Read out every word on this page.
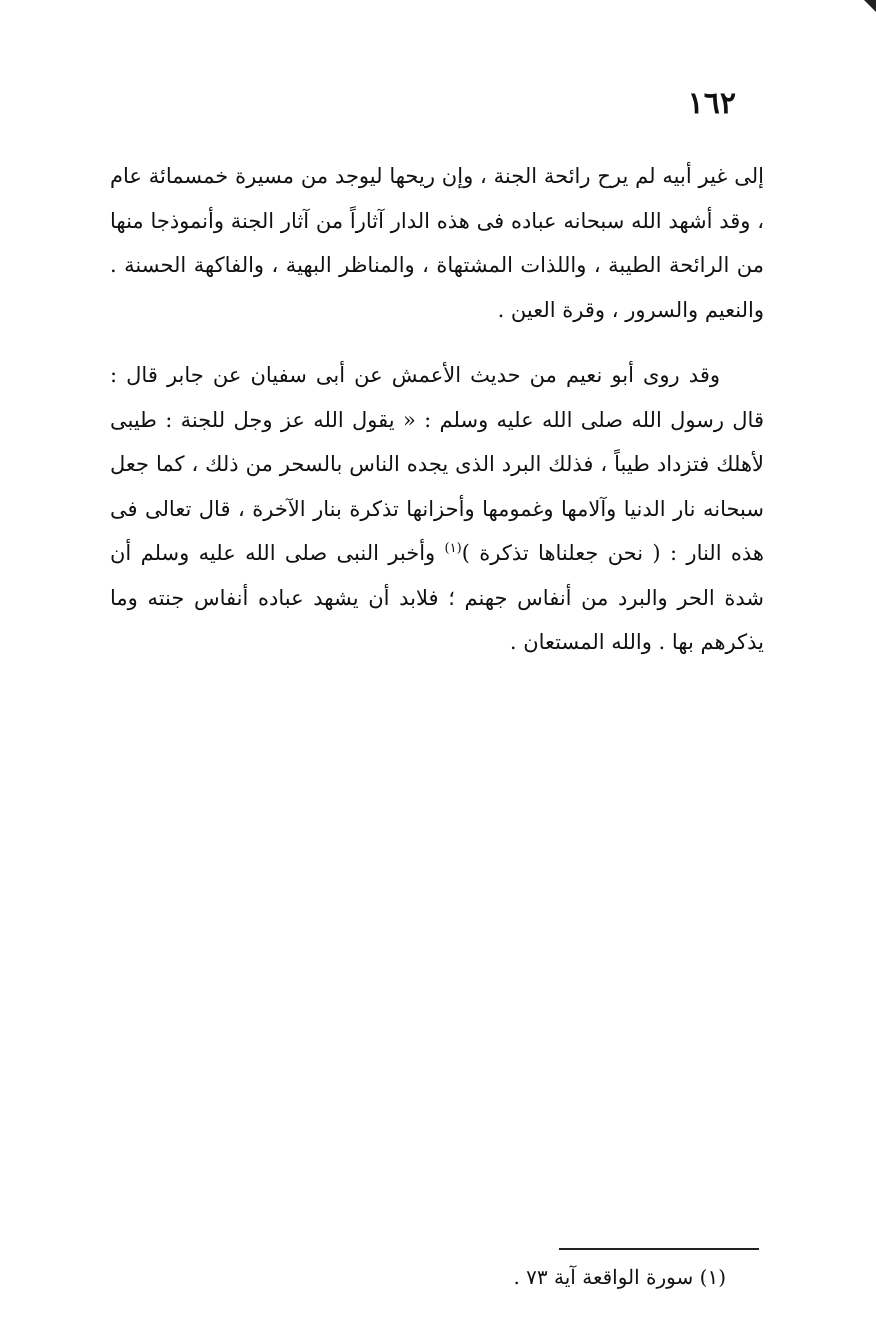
١٦٢

إلى غير أبيه لم يرح رائحة الجنة ، وإن ريحها ليوجد من مسيرة خمسمائة عام ، وقد أشهد الله سبحانه عباده فى هذه الدار آثاراً من آثار الجنة وأنموذجا منها من الرائحة الطيبة ، واللذات المشتهاة ، والمناظر البهية ، والفاكهة الحسنة . والنعيم والسرور ، وقرة العين .

وقد روى أبو نعيم من حديث الأعمش عن أبى سفيان عن جابر قال : قال رسول الله صلى الله عليه وسلم : « يقول الله عز وجل للجنة : طيبى لأهلك فتزداد طيباً ، فذلك البرد الذى يجده الناس بالسحر من ذلك ، كما جعل سبحانه نار الدنيا وآلامها وغمومها وأحزانها تذكرة بنار الآخرة ، قال تعالى فى هذه النار : ( نحن جعلناها تذكرة )$^{(١)}$ وأخبر النبى صلى الله عليه وسلم أن شدة الحر والبرد من أنفاس جهنم ؛ فلابد أن يشهد عباده أنفاس جنته وما يذكرهم بها . والله المستعان .

(١) سورة الواقعة آية ٧٣ .
